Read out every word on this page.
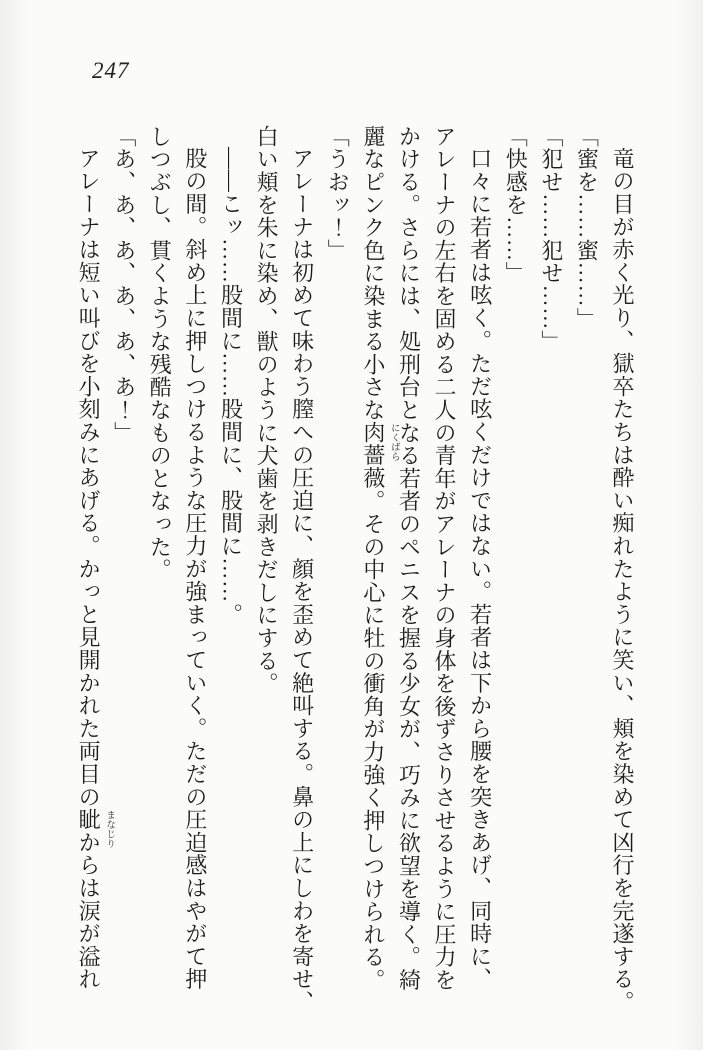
247
竜の目が赤く光り、獄卒たちは酔い痴れたように笑い、頬を染めて凶行を完遂する。
「蜜を……蜜……」
「犯せ……犯せ……」
「快感を……」
口々に若者は呟く。ただ呟くだけではない。若者は下から腰を突きあげ、同時に、
アレーナの左右を固める二人の青年がアレーナの身体を後ずさりさせるように圧力を
かける。さらには、処刑台となる若者のペニスを握る少女が、巧みに欲望を導く。綺
麗なピンク色に染まる小さな肉薔薇 にくばら
。その中心に牡の衝角が力強く押しつけられる。
「うおッ！」
アレーナは初めて味わう膣への圧迫に、顔を歪めて絶叫する。鼻の上にしわを寄せ、
白い頬を朱に染め、獣のように犬歯を剥きだしにする。
――こッ……股間に……股間に、股間に……。
股の間。斜め上に押しつけるような圧力が強まっていく。ただの圧迫感はやがて押
しつぶし、貫くような残酷なものとなった。
「あ、あ、あ、あ、あ、あ！」
アレーナは短い叫びを小刻みにあげる。かっと見開かれた両目の眦 まなじり
からは涙が溢れ
